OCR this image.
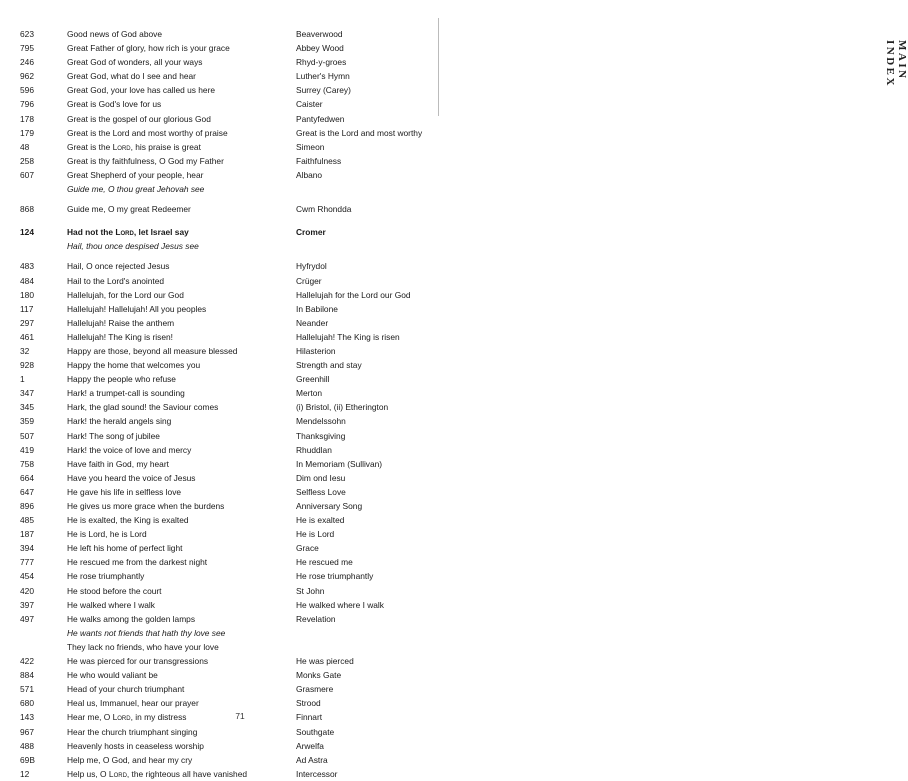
MAIN INDEX
623	Good news of God above	Beaverwood
795	Great Father of glory, how rich is your grace	Abbey Wood
246	Great God of wonders, all your ways	Rhyd-y-groes
962	Great God, what do I see and hear	Luther's Hymn
596	Great God, your love has called us here	Surrey (Carey)
796	Great is God's love for us	Caister
178	Great is the gospel of our glorious God	Pantyfedwen
179	Great is the Lord and most worthy of praise	Great is the Lord and most worthy
48	Great is the Lord, his praise is great	Simeon
258	Great is thy faithfulness, O God my Father	Faithfulness
607	Great Shepherd of your people, hear	Albano
Guide me, O thou great Jehovah see
868	Guide me, O my great Redeemer	Cwm Rhondda
124	Had not the Lord, let Israel say	Cromer
Hail, thou once despised Jesus see
483	Hail, O once rejected Jesus	Hyfrydol
484	Hail to the Lord's anointed	Crüger
180	Hallelujah, for the Lord our God	Hallelujah for the Lord our God
117	Hallelujah! Hallelujah! All you peoples	In Babilone
297	Hallelujah! Raise the anthem	Neander
461	Hallelujah! The King is risen!	Hallelujah! The King is risen
32	Happy are those, beyond all measure blessed	Hilasterion
928	Happy the home that welcomes you	Strength and stay
1	Happy the people who refuse	Greenhill
347	Hark! a trumpet-call is sounding	Merton
345	Hark, the glad sound! the Saviour comes	(i) Bristol, (ii) Etherington
359	Hark! the herald angels sing	Mendelssohn
507	Hark! The song of jubilee	Thanksgiving
419	Hark! the voice of love and mercy	Rhuddlan
758	Have faith in God, my heart	In Memoriam (Sullivan)
664	Have you heard the voice of Jesus	Dim ond Iesu
647	He gave his life in selfless love	Selfless Love
896	He gives us more grace when the burdens	Anniversary Song
485	He is exalted, the King is exalted	He is exalted
187	He is Lord, he is Lord	He is Lord
394	He left his home of perfect light	Grace
777	He rescued me from the darkest night	He rescued me
454	He rose triumphantly	He rose triumphantly
420	He stood before the court	St John
397	He walked where I walk	He walked where I walk
497	He walks among the golden lamps	Revelation
He wants not friends that hath thy love see
They lack no friends, who have your love
422	He was pierced for our transgressions	He was pierced
884	He who would valiant be	Monks Gate
571	Head of your church triumphant	Grasmere
680	Heal us, Immanuel, hear our prayer	Strood
143	Hear me, O Lord, in my distress	Finnart
967	Hear the church triumphant singing	Southgate
488	Heavenly hosts in ceaseless worship	Arwelfa
69B	Help me, O God, and hear my cry	Ad Astra
12	Help us, O Lord, the righteous all have vanished	Intercessor
71
